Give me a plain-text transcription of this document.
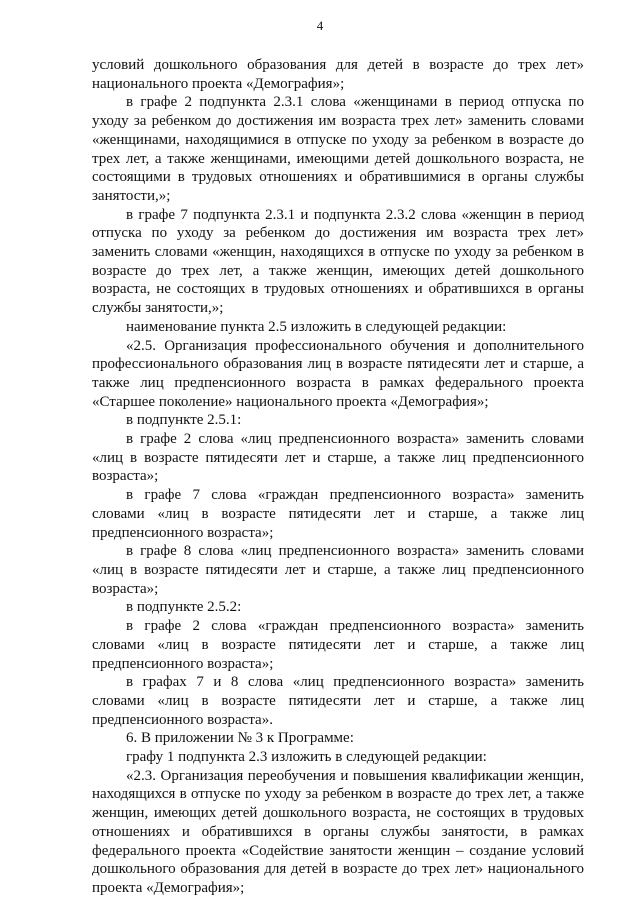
4

условий дошкольного образования для детей в возрасте до трех лет» национального проекта «Демография»;

в графе 2 подпункта 2.3.1 слова «женщинами в период отпуска по уходу за ребенком до достижения им возраста трех лет» заменить словами «женщинами, находящимися в отпуске по уходу за ребенком в возрасте до трех лет, а также женщинами, имеющими детей дошкольного возраста, не состоящими в трудовых отношениях и обратившимися в органы службы занятости,»;

в графе 7 подпункта 2.3.1 и подпункта 2.3.2 слова «женщин в период отпуска по уходу за ребенком до достижения им возраста трех лет» заменить словами «женщин, находящихся в отпуске по уходу за ребенком в возрасте до трех лет, а также женщин, имеющих детей дошкольного возраста, не состоящих в трудовых отношениях и обратившихся в органы службы занятости,»;

наименование пункта 2.5 изложить в следующей редакции:

«2.5. Организация профессионального обучения и дополнительного профессионального образования лиц в возрасте пятидесяти лет и старше, а также лиц предпенсионного возраста в рамках федерального проекта «Старшее поколение» национального проекта «Демография»;

в подпункте 2.5.1:

в графе 2 слова «лиц предпенсионного возраста» заменить словами «лиц в возрасте пятидесяти лет и старше, а также лиц предпенсионного возраста»;

в графе 7 слова «граждан предпенсионного возраста» заменить словами «лиц в возрасте пятидесяти лет и старше, а также лиц предпенсионного возраста»;

в графе 8 слова «лиц предпенсионного возраста» заменить словами «лиц в возрасте пятидесяти лет и старше, а также лиц предпенсионного возраста»;

в подпункте 2.5.2:

в графе 2 слова «граждан предпенсионного возраста» заменить словами «лиц в возрасте пятидесяти лет и старше, а также лиц предпенсионного возраста»;

в графах 7 и 8 слова «лиц предпенсионного возраста» заменить словами «лиц в возрасте пятидесяти лет и старше, а также лиц предпенсионного возраста».

6. В приложении № 3 к Программе:

графу 1 подпункта 2.3 изложить в следующей редакции:

«2.3. Организация переобучения и повышения квалификации женщин, находящихся в отпуске по уходу за ребенком в возрасте до трех лет, а также женщин, имеющих детей дошкольного возраста, не состоящих в трудовых отношениях и обратившихся в органы службы занятости, в рамках федерального проекта «Содействие занятости женщин – создание условий дошкольного образования для детей в возрасте до трех лет» национального проекта «Демография»;
